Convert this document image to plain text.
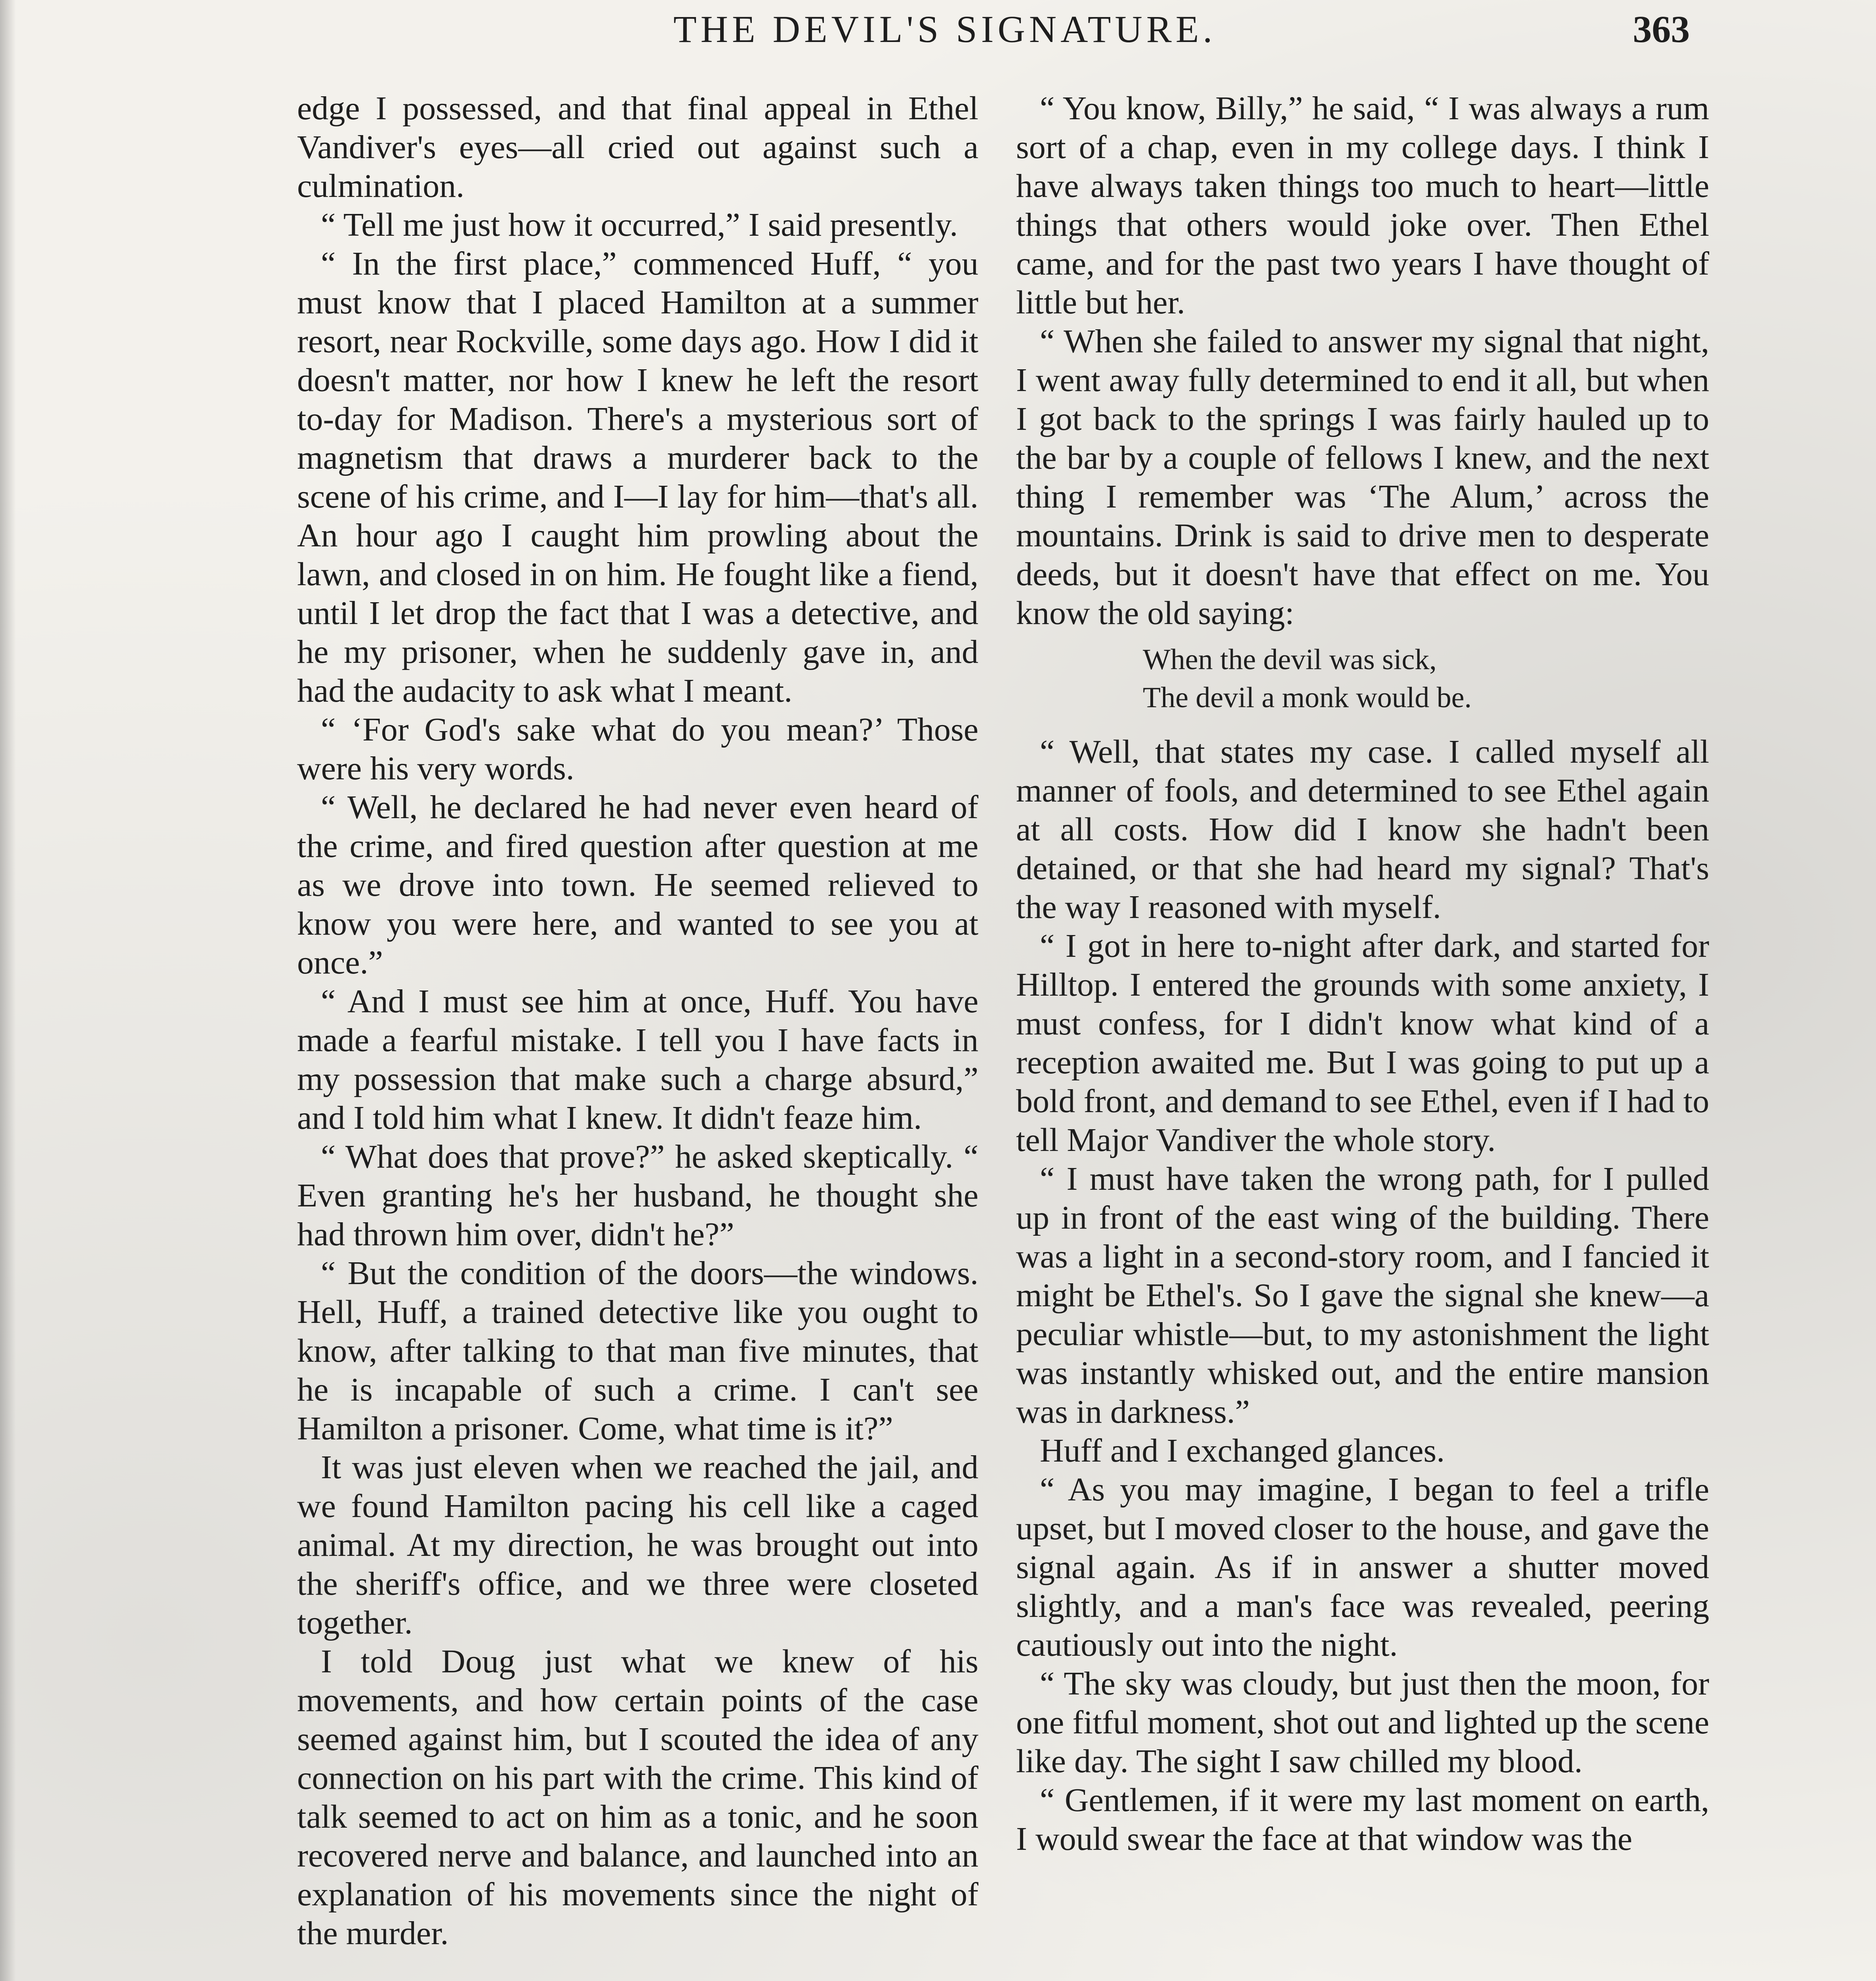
THE DEVIL'S SIGNATURE.	363

edge I possessed, and that final appeal in Ethel Vandiver's eyes—all cried out against such a culmination.

“ Tell me just how it occurred,” I said presently.

“ In the first place,” commenced Huff, “ you must know that I placed Hamilton at a summer resort, near Rockville, some days ago. How I did it doesn't matter, nor how I knew he left the resort to-day for Madison. There's a mysterious sort of magnetism that draws a murderer back to the scene of his crime, and I—I lay for him—that's all. An hour ago I caught him prowling about the lawn, and closed in on him. He fought like a fiend, until I let drop the fact that I was a detective, and he my prisoner, when he suddenly gave in, and had the audacity to ask what I meant.

“ ‘For God's sake what do you mean?’ Those were his very words.

“ Well, he declared he had never even heard of the crime, and fired question after question at me as we drove into town. He seemed relieved to know you were here, and wanted to see you at once.”

“ And I must see him at once, Huff. You have made a fearful mistake. I tell you I have facts in my possession that make such a charge absurd,” and I told him what I knew. It didn't feaze him.

“ What does that prove?” he asked skeptically. “ Even granting he's her husband, he thought she had thrown him over, didn't he?”

“ But the condition of the doors—the windows. Hell, Huff, a trained detective like you ought to know, after talking to that man five minutes, that he is incapable of such a crime. I can't see Hamilton a prisoner. Come, what time is it?”

It was just eleven when we reached the jail, and we found Hamilton pacing his cell like a caged animal. At my direction, he was brought out into the sheriff's office, and we three were closeted together.

I told Doug just what we knew of his movements, and how certain points of the case seemed against him, but I scouted the idea of any connection on his part with the crime. This kind of talk seemed to act on him as a tonic, and he soon recovered nerve and balance, and launched into an explanation of his movements since the night of the murder.

“ You know, Billy,” he said, “ I was always a rum sort of a chap, even in my college days. I think I have always taken things too much to heart—little things that others would joke over. Then Ethel came, and for the past two years I have thought of little but her.

“ When she failed to answer my signal that night, I went away fully determined to end it all, but when I got back to the springs I was fairly hauled up to the bar by a couple of fellows I knew, and the next thing I remember was ‘The Alum,’ across the mountains. Drink is said to drive men to desperate deeds, but it doesn't have that effect on me. You know the old saying:

When the devil was sick,
The devil a monk would be.

“ Well, that states my case. I called myself all manner of fools, and determined to see Ethel again at all costs. How did I know she hadn't been detained, or that she had heard my signal? That's the way I reasoned with myself.

“ I got in here to-night after dark, and started for Hilltop. I entered the grounds with some anxiety, I must confess, for I didn't know what kind of a reception awaited me. But I was going to put up a bold front, and demand to see Ethel, even if I had to tell Major Vandiver the whole story.

“ I must have taken the wrong path, for I pulled up in front of the east wing of the building. There was a light in a second-story room, and I fancied it might be Ethel's. So I gave the signal she knew—a peculiar whistle—but, to my astonishment the light was instantly whisked out, and the entire mansion was in darkness.”

Huff and I exchanged glances.

“ As you may imagine, I began to feel a trifle upset, but I moved closer to the house, and gave the signal again. As if in answer a shutter moved slightly, and a man's face was revealed, peering cautiously out into the night.

“ The sky was cloudy, but just then the moon, for one fitful moment, shot out and lighted up the scene like day. The sight I saw chilled my blood.

“ Gentlemen, if it were my last moment on earth, I would swear the face at that window was the
